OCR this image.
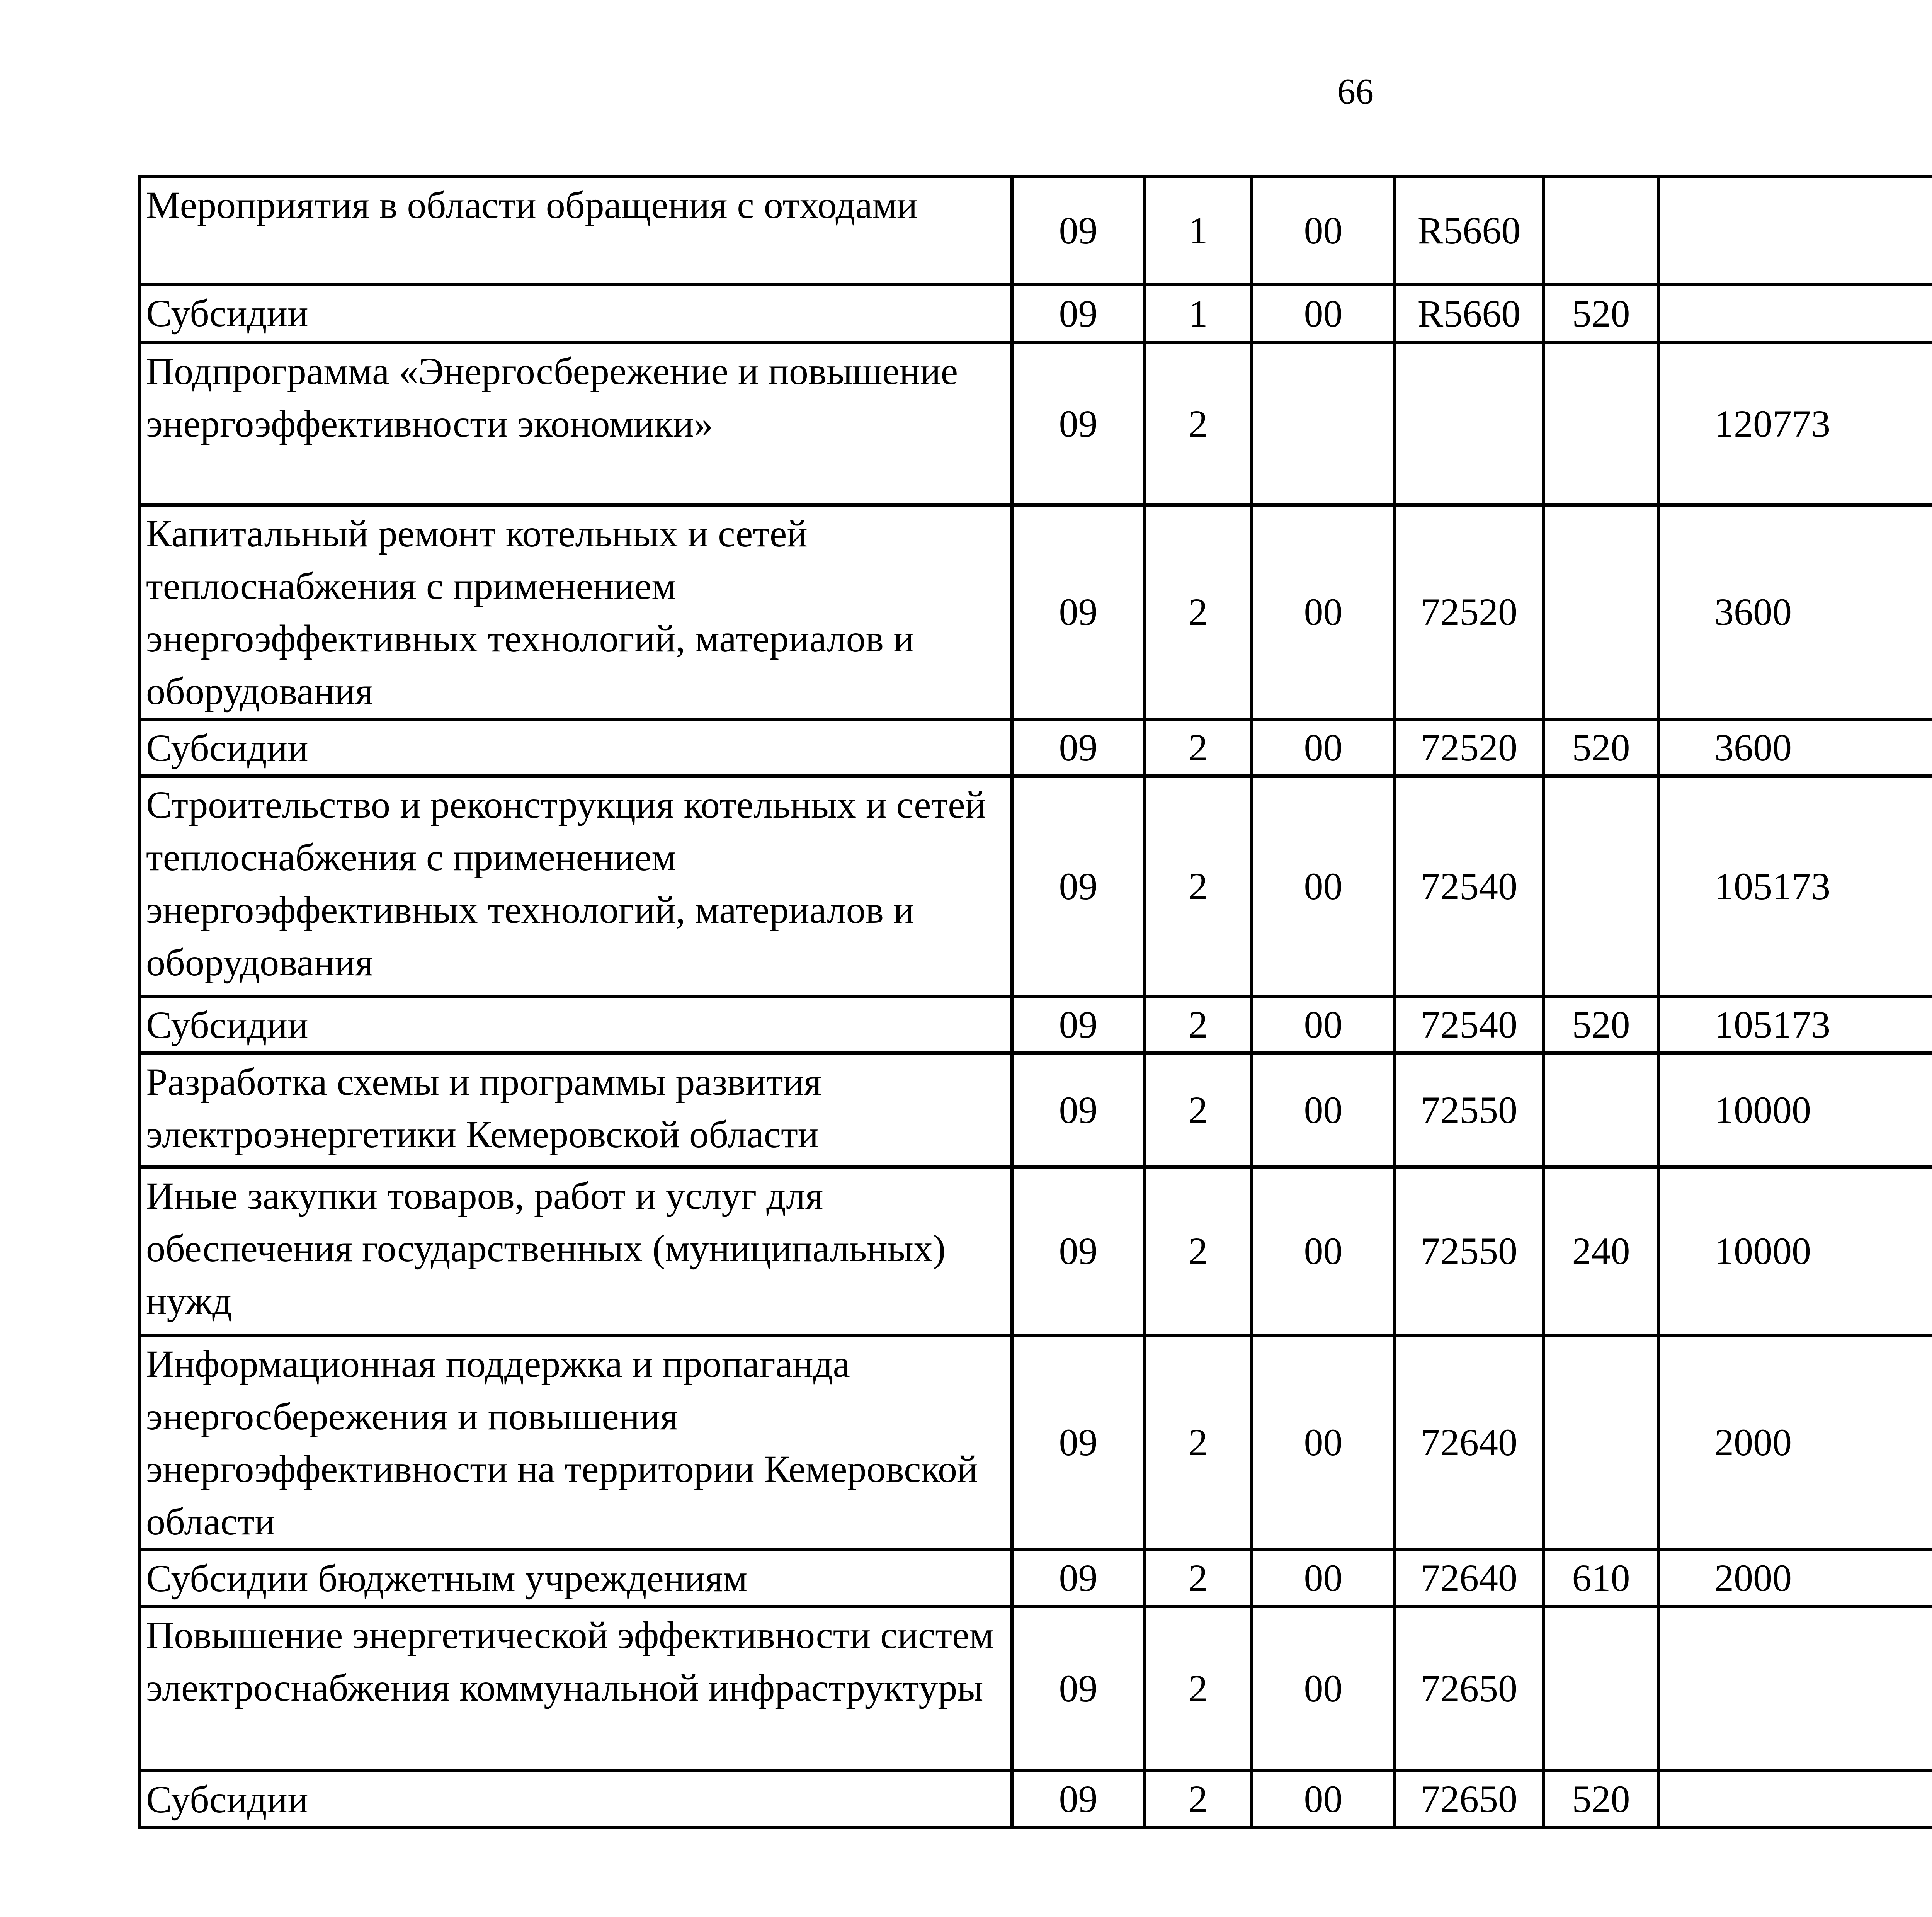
66
Мероприятия в области обращения с отходами	09	1	00	R5660				
Субсидии	09	1	00	R5660	520			
Подпрограмма «Энергосбережение и повышение энергоэффективности экономики»	09	2				120773		
Капитальный ремонт котельных и сетей теплоснабжения с применением энергоэффективных технологий, материалов и оборудования	09	2	00	72520		3600		
Субсидии	09	2	00	72520	520	3600		
Строительство и реконструкция котельных и сетей теплоснабжения с применением энергоэффективных технологий, материалов и оборудования	09	2	00	72540		105173		
Субсидии	09	2	00	72540	520	105173		
Разработка схемы и программы развития электроэнергетики Кемеровской области	09	2	00	72550		10000		
Иные закупки товаров, работ и услуг для обеспечения государственных (муниципальных) нужд	09	2	00	72550	240	10000		
Информационная поддержка и пропаганда энергосбережения и повышения энергоэффективности на территории Кемеровской области	09	2	00	72640		2000		
Субсидии бюджетным учреждениям	09	2	00	72640	610	2000		
Повышение энергетической эффективности систем электроснабжения коммунальной инфраструктуры	09	2	00	72650				
Субсидии	09	2	00	72650	520			
